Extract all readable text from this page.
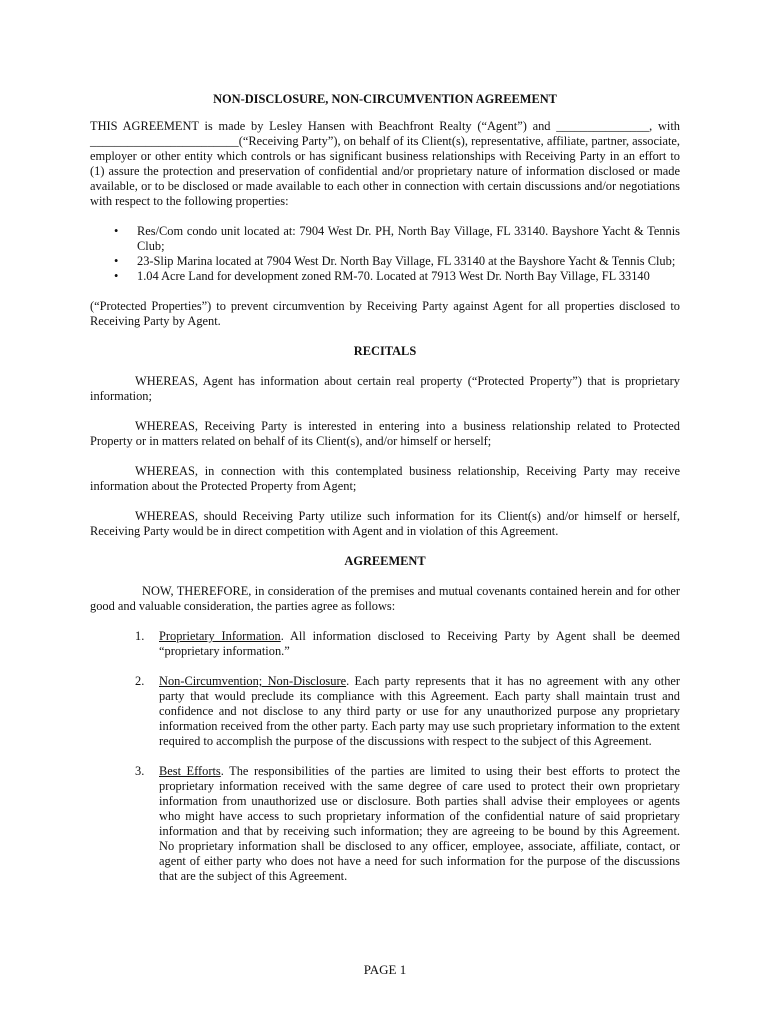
NON-DISCLOSURE, NON-CIRCUMVENTION AGREEMENT

THIS AGREEMENT is made by Lesley Hansen with Beachfront Realty (“Agent”) and _______________, with ________________________(“Receiving Party”), on behalf of its Client(s), representative, affiliate, partner, associate, employer or other entity which controls or has significant business relationships with Receiving Party in an effort to (1) assure the protection and preservation of confidential and/or proprietary nature of information disclosed or made available, or to be disclosed or made available to each other in connection with certain discussions and/or negotiations with respect to the following properties:

• Res/Com condo unit located at: 7904 West Dr. PH, North Bay Village, FL 33140. Bayshore Yacht & Tennis Club;
• 23-Slip Marina located at 7904 West Dr. North Bay Village, FL 33140 at the Bayshore Yacht & Tennis Club;
• 1.04 Acre Land for development zoned RM-70. Located at 7913 West Dr. North Bay Village, FL 33140

(“Protected Properties”) to prevent circumvention by Receiving Party against Agent for all properties disclosed to Receiving Party by Agent.

RECITALS

WHEREAS, Agent has information about certain real property (“Protected Property”) that is proprietary information;

WHEREAS, Receiving Party is interested in entering into a business relationship related to Protected Property or in matters related on behalf of its Client(s), and/or himself or herself;

WHEREAS, in connection with this contemplated business relationship, Receiving Party may receive information about the Protected Property from Agent;

WHEREAS, should Receiving Party utilize such information for its Client(s) and/or himself or herself, Receiving Party would be in direct competition with Agent and in violation of this Agreement.

AGREEMENT

NOW, THEREFORE, in consideration of the premises and mutual covenants contained herein and for other good and valuable consideration, the parties agree as follows:

1. Proprietary Information. All information disclosed to Receiving Party by Agent shall be deemed “proprietary information.”
2. Non-Circumvention; Non-Disclosure. Each party represents that it has no agreement with any other party that would preclude its compliance with this Agreement. Each party shall maintain trust and confidence and not disclose to any third party or use for any unauthorized purpose any proprietary information received from the other party. Each party may use such proprietary information to the extent required to accomplish the purpose of the discussions with respect to the subject of this Agreement.
3. Best Efforts. The responsibilities of the parties are limited to using their best efforts to protect the proprietary information received with the same degree of care used to protect their own proprietary information from unauthorized use or disclosure. Both parties shall advise their employees or agents who might have access to such proprietary information of the confidential nature of said proprietary information and that by receiving such information; they are agreeing to be bound by this Agreement. No proprietary information shall be disclosed to any officer, employee, associate, affiliate, contact, or agent of either party who does not have a need for such information for the purpose of the discussions that are the subject of this Agreement.
PAGE 1
